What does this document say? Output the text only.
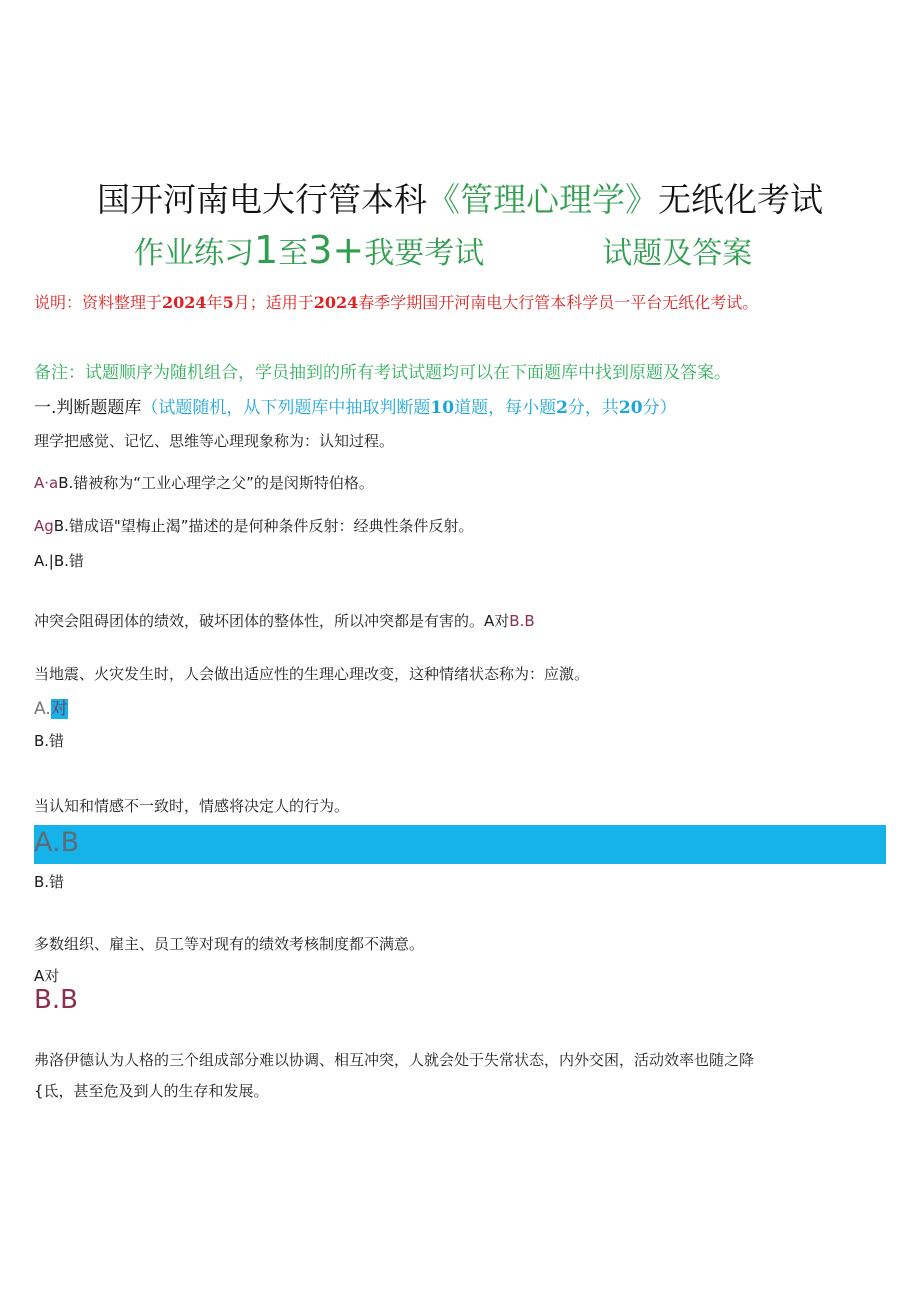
国开河南电大行管本科《管理心理学》无纸化考试
作业练习1至3+我要考试	试题及答案
说明：资料整理于2024年5月；适用于2024春季学期国开河南电大行管本科学员一平台无纸化考试。
备注：试题顺序为随机组合，学员抽到的所有考试试题均可以在下面题库中找到原题及答案。
一.判断题题库（试题随机，从下列题库中抽取判断题10道题，每小题2分，共20分）
理学把感觉、记忆、思维等心理现象称为：认知过程。
A·aB.错被称为“工业心理学之父”的是闵斯特伯格。
AgB.错成语"望梅止渴”描述的是何种条件反射：经典性条件反射。
A.|B.错
冲突会阻碍团体的绩效，破坏团体的整体性，所以冲突都是有害的。A对B.B
当地震、火灾发生时，人会做出适应性的生理心理改变，这种情绪状态称为：应激。
A.对
B.错
当认知和情感不一致时，情感将决定人的行为。
A.B
B.错
多数组织、雇主、员工等对现有的绩效考核制度都不满意。
A对
B.B
弗洛伊德认为人格的三个组成部分难以协调、相互冲突，人就会处于失常状态，内外交困，活动效率也随之降
{氐，甚至危及到人的生存和发展。
